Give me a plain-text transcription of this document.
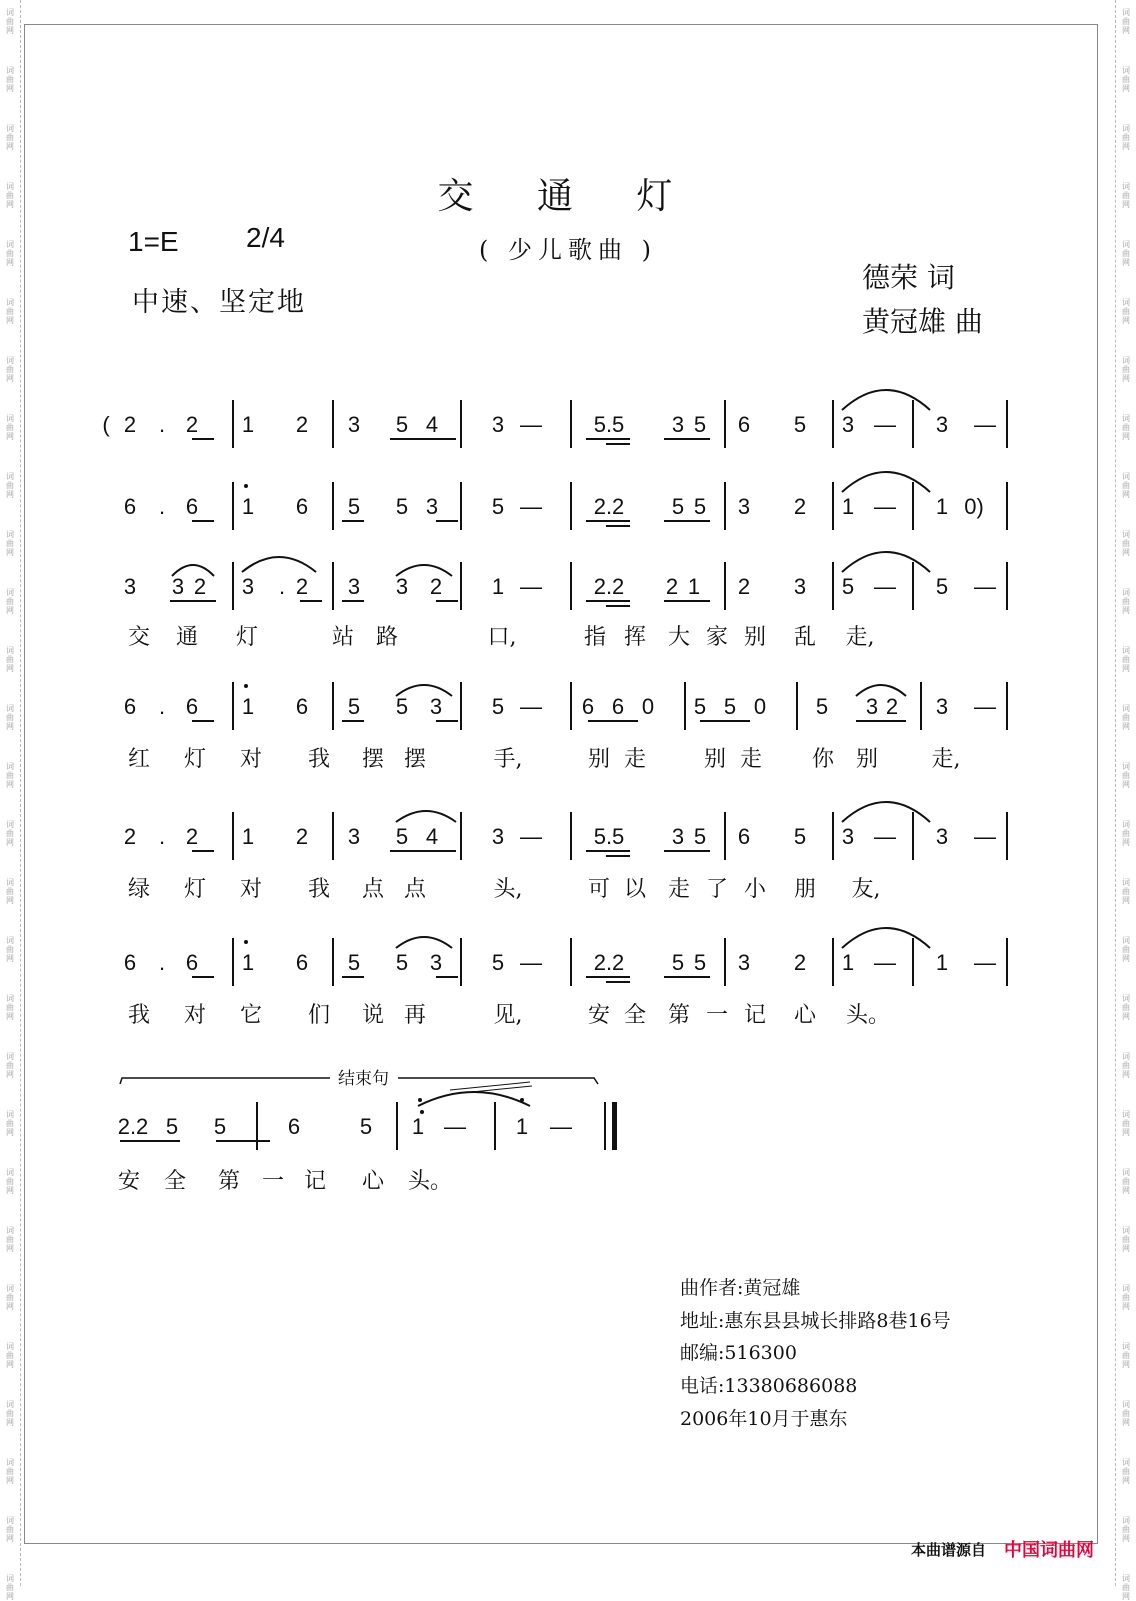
词
曲
网
词
曲
网
词
曲
网
词
曲
网
词
曲
网
词
曲
网
词
曲
网
词
曲
网
词
曲
网
词
曲
网
词
曲
网
词
曲
网
词
曲
网
词
曲
网
词
曲
网
词
曲
网
词
曲
网
词
曲
网
词
曲
网
词
曲
网
词
曲
网
词
曲
网
词
曲
网
词
曲
网
词
曲
网
词
曲
网
词
曲
网
词
曲
网
词
曲
网
词
曲
网
词
曲
网
词
曲
网
词
曲
网
词
曲
网
词
曲
网
词
曲
网
词
曲
网
词
曲
网
词
曲
网
词
曲
网
词
曲
网
词
曲
网
词
曲
网
词
曲
网
词
曲
网
词
曲
网
词
曲
网
词
曲
网
词
曲
网
词
曲
网
词
曲
网
词
曲
网
词
曲
网
词
曲
网
词
曲
网
词
曲
网
交 通 灯
( 少儿歌曲 )
1=E 2/4
中速、坚定地
德荣 词
黄冠雄 曲
( 2	. 2 1 2 3 5 4 3 —	5.5	3 5 6 5 3 — 3 —
6	. 6 1 6 5 5 3 5 —	2.2	5 5 3 2 1 — 1 0)
3 3 2 3	. 2 3 3 2 1 —	2.2	2 1 2 3 5 — 5 —
6	. 6 1 6 5 5 3 5 — 6 6 0 5 5 0 5 3 2 3 —
2	. 2 1 2 3 5 4 3 —	5.5	3 5 6 5 3 — 3 —
6	. 6 1 6 5 5 3 5 —	2.2	5 5 3 2 1 — 1 —
2.2 5 5	6	5 1 — 1 —
交 通 灯	站 路	口,	指 挥 大 家 别 乱	走,
红 灯 对 我 摆 摆	手,	别 走	别 走 你 别	走,
绿 灯 对 我 点 点	头,	可 以 走 了 小 朋	友,
我 对 它 们 说 再	见,	安 全 第 一 记 心 头。
安 全 第 一 记 心 头。
结束句
曲作者:黄冠雄
地址:惠东县县城长排路8巷16号
邮编:516300
电话:13380686088
2006年10月于惠东
本曲谱源自 中国词曲网
